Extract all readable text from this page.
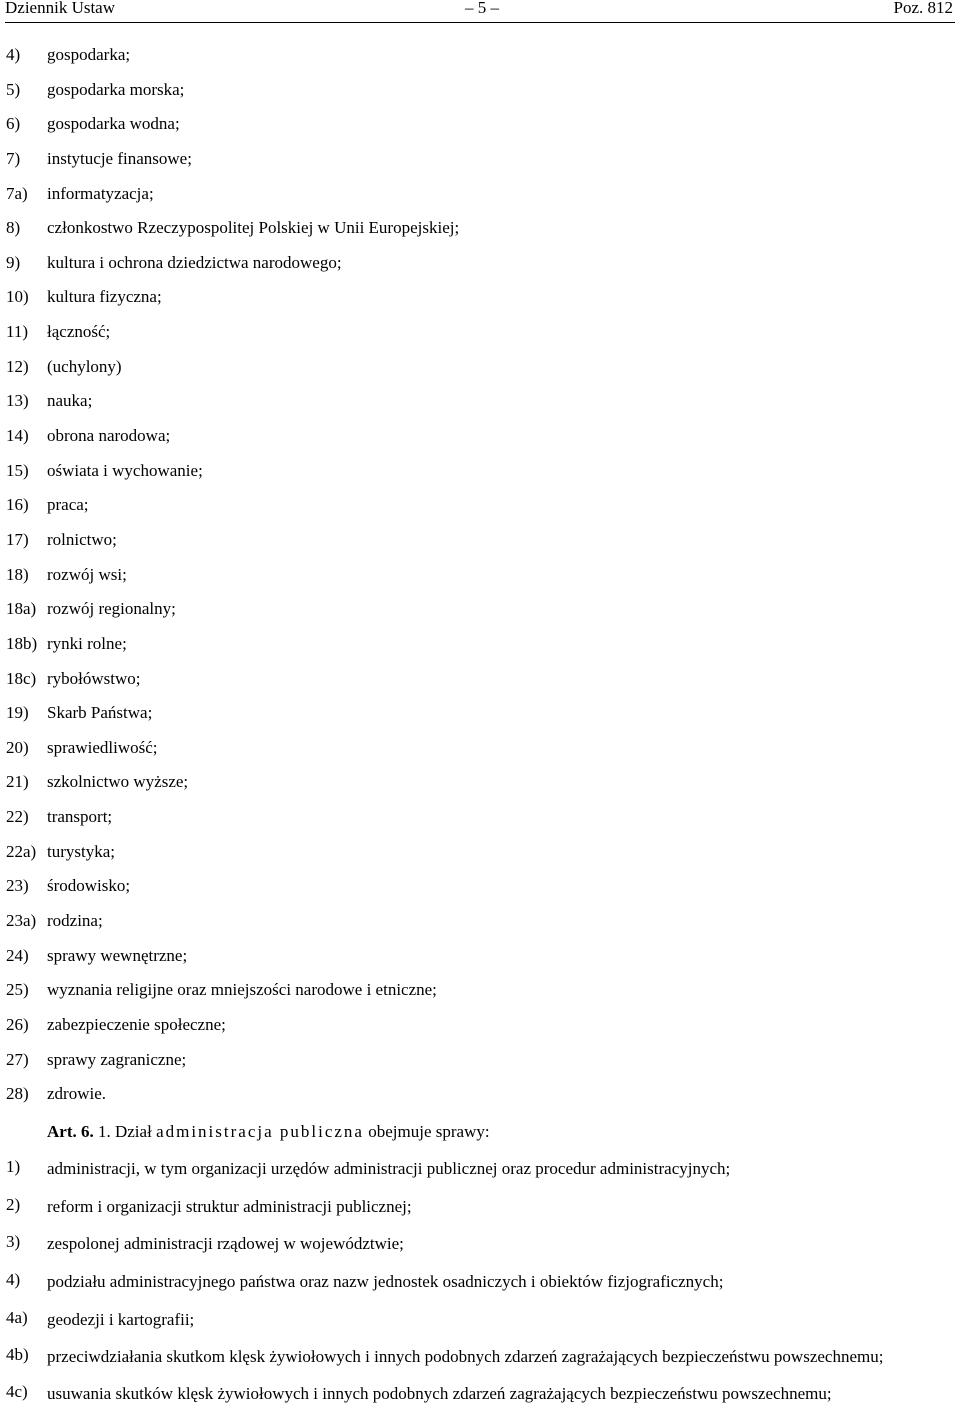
Dziennik Ustaw	– 5 –	Poz. 812
4) gospodarka;
5) gospodarka morska;
6) gospodarka wodna;
7) instytucje finansowe;
7a) informatyzacja;
8) członkostwo Rzeczypospolitej Polskiej w Unii Europejskiej;
9) kultura i ochrona dziedzictwa narodowego;
10) kultura fizyczna;
11) łączność;
12) (uchylony)
13) nauka;
14) obrona narodowa;
15) oświata i wychowanie;
16) praca;
17) rolnictwo;
18) rozwój wsi;
18a) rozwój regionalny;
18b) rynki rolne;
18c) rybołówstwo;
19) Skarb Państwa;
20) sprawiedliwość;
21) szkolnictwo wyższe;
22) transport;
22a) turystyka;
23) środowisko;
23a) rodzina;
24) sprawy wewnętrzne;
25) wyznania religijne oraz mniejszości narodowe i etniczne;
26) zabezpieczenie społeczne;
27) sprawy zagraniczne;
28) zdrowie.
Art. 6. 1. Dział administracja publiczna obejmuje sprawy:
1) administracji, w tym organizacji urzędów administracji publicznej oraz procedur administracyjnych;
2) reform i organizacji struktur administracji publicznej;
3) zespolonej administracji rządowej w województwie;
4) podziału administracyjnego państwa oraz nazw jednostek osadniczych i obiektów fizjograficznych;
4a) geodezji i kartografii;
4b) przeciwdziałania skutkom klęsk żywiołowych i innych podobnych zdarzeń zagrażających bezpieczeństwu powszechnemu;
4c) usuwania skutków klęsk żywiołowych i innych podobnych zdarzeń zagrażających bezpieczeństwu powszechnemu;
